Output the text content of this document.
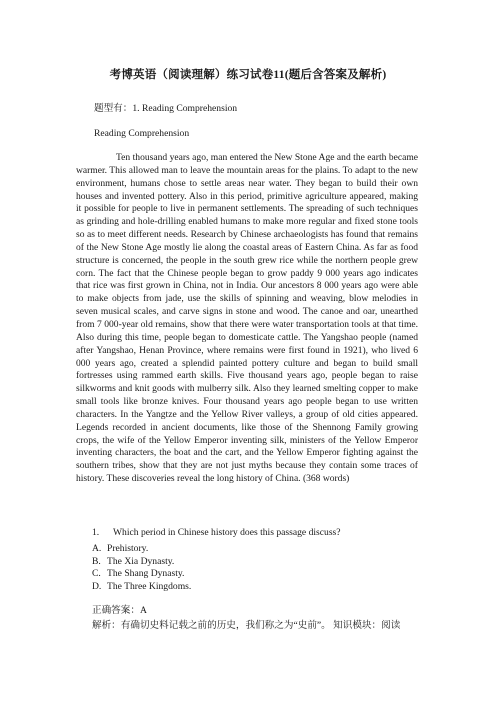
考博英语（阅读理解）练习试卷11(题后含答案及解析)
题型有：1. Reading Comprehension
Reading Comprehension

Ten thousand years ago, man entered the New Stone Age and the earth became warmer. This allowed man to leave the mountain areas for the plains. To adapt to the new environment, humans chose to settle areas near water. They began to build their own houses and invented pottery. Also in this period, primitive agriculture appeared, making it possible for people to live in permanent settlements. The spreading of such techniques as grinding and hole-drilling enabled humans to make more regular and fixed stone tools so as to meet different needs. Research by Chinese archaeologists has found that remains of the New Stone Age mostly lie along the coastal areas of Eastern China. As far as food structure is concerned, the people in the south grew rice while the northern people grew corn. The fact that the Chinese people began to grow paddy 9 000 years ago indicates that rice was first grown in China, not in India. Our ancestors 8 000 years ago were able to make objects from jade, use the skills of spinning and weaving, blow melodies in seven musical scales, and carve signs in stone and wood. The canoe and oar, unearthed from 7 000-year old remains, show that there were water transportation tools at that time. Also during this time, people began to domesticate cattle. The Yangshao people (named after Yangshao, Henan Province, where remains were first found in 1921), who lived 6 000 years ago, created a splendid painted pottery culture and began to build small fortresses using rammed earth skills. Five thousand years ago, people began to raise silkworms and knit goods with mulberry silk. Also they learned smelting copper to make small tools like bronze knives. Four thousand years ago people began to use written characters. In the Yangtze and the Yellow River valleys, a group of old cities appeared. Legends recorded in ancient documents, like those of the Shennong Family growing crops, the wife of the Yellow Emperor inventing silk, ministers of the Yellow Emperor inventing characters, the boat and the cart, and the Yellow Emperor fighting against the southern tribes, show that they are not just myths because they contain some traces of history. These discoveries reveal the long history of China. (368 words)

1. Which period in Chinese history does this passage discuss?

A. Prehistory.

B. The Xia Dynasty.

C. The Shang Dynasty.

D. The Three Kingdoms.

正确答案：A
解析：有确切史料记载之前的历史，我们称之为“史前”。 知识模块：阅读
